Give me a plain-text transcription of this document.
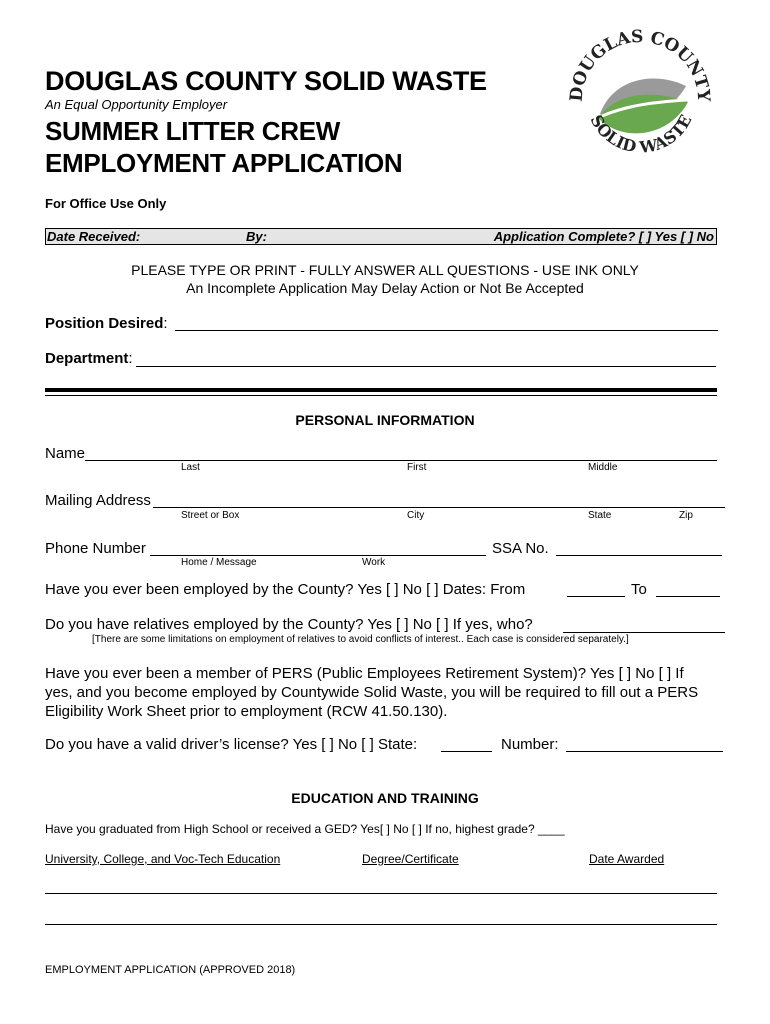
DOUGLAS COUNTY SOLID WASTE
An Equal Opportunity Employer
SUMMER LITTER CREW
EMPLOYMENT APPLICATION
DOUGLAS COUNTY
SOLID WASTE
For Office Use Only
Date Received:	By:	Application Complete? [ ] Yes [ ] No
PLEASE TYPE OR PRINT - FULLY ANSWER ALL QUESTIONS - USE INK ONLY
An Incomplete Application May Delay Action or Not Be Accepted
Position Desired:
Department:
PERSONAL INFORMATION
Name
Last	First	Middle
Mailing Address
Street or Box	City	State	Zip
Phone Number	SSA No.
Home / Message	Work
Have you ever been employed by the County? Yes [ ] No [ ] Dates: From	To
Do you have relatives employed by the County? Yes [ ] No [ ] If yes, who?
[There are some limitations on employment of relatives to avoid conflicts of interest.. Each case is considered separately.]
Have you ever been a member of PERS (Public Employees Retirement System)? Yes [ ] No [ ] If
yes, and you become employed by Countywide Solid Waste, you will be required to fill out a PERS
Eligibility Work Sheet prior to employment (RCW 41.50.130).
Do you have a valid driver’s license? Yes [ ] No [ ] State:	Number:
EDUCATION AND TRAINING
Have you graduated from High School or received a GED? Yes[ ] No [ ] If no, highest grade? ____
University, College, and Voc-Tech Education	Degree/Certificate	Date Awarded
EMPLOYMENT APPLICATION (APPROVED 2018)
